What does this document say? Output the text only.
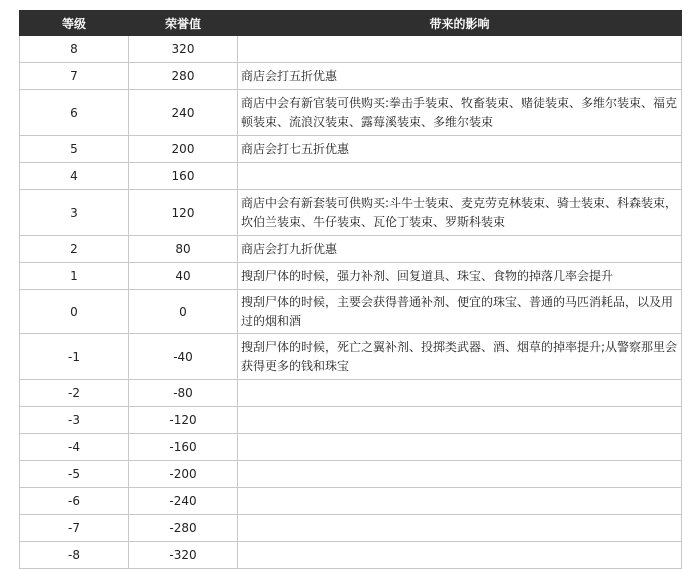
等级	荣誉值	带来的影响
8	320	
7	280	商店会打五折优惠
6	240	商店中会有新官装可供购买:拳击手装束、牧畜装束、赌徒装束、多维尔装束、福克顿装束、流浪汉装束、露莓溪装束、多维尔装束
5	200	商店会打七五折优惠
4	160	
3	120	商店中会有新套装可供购买:斗牛士装束、麦克劳克林装束、骑士装束、科森装束，坎伯兰装束、牛仔装束、瓦伦丁装束、罗斯科装束
2	80	商店会打九折优惠
1	40	搜刮尸体的时候，强力补剂、回复道具、珠宝、食物的掉落几率会提升
0	0	搜刮尸体的时候，主要会获得普通补剂、便宜的珠宝、普通的马匹消耗品，以及用过的烟和酒
-1	-40	搜刮尸体的时候，死亡之翼补剂、投掷类武器、酒、烟草的掉率提升;从警察那里会获得更多的钱和珠宝
-2	-80	
-3	-120	
-4	-160	
-5	-200	
-6	-240	
-7	-280	
-8	-320	
